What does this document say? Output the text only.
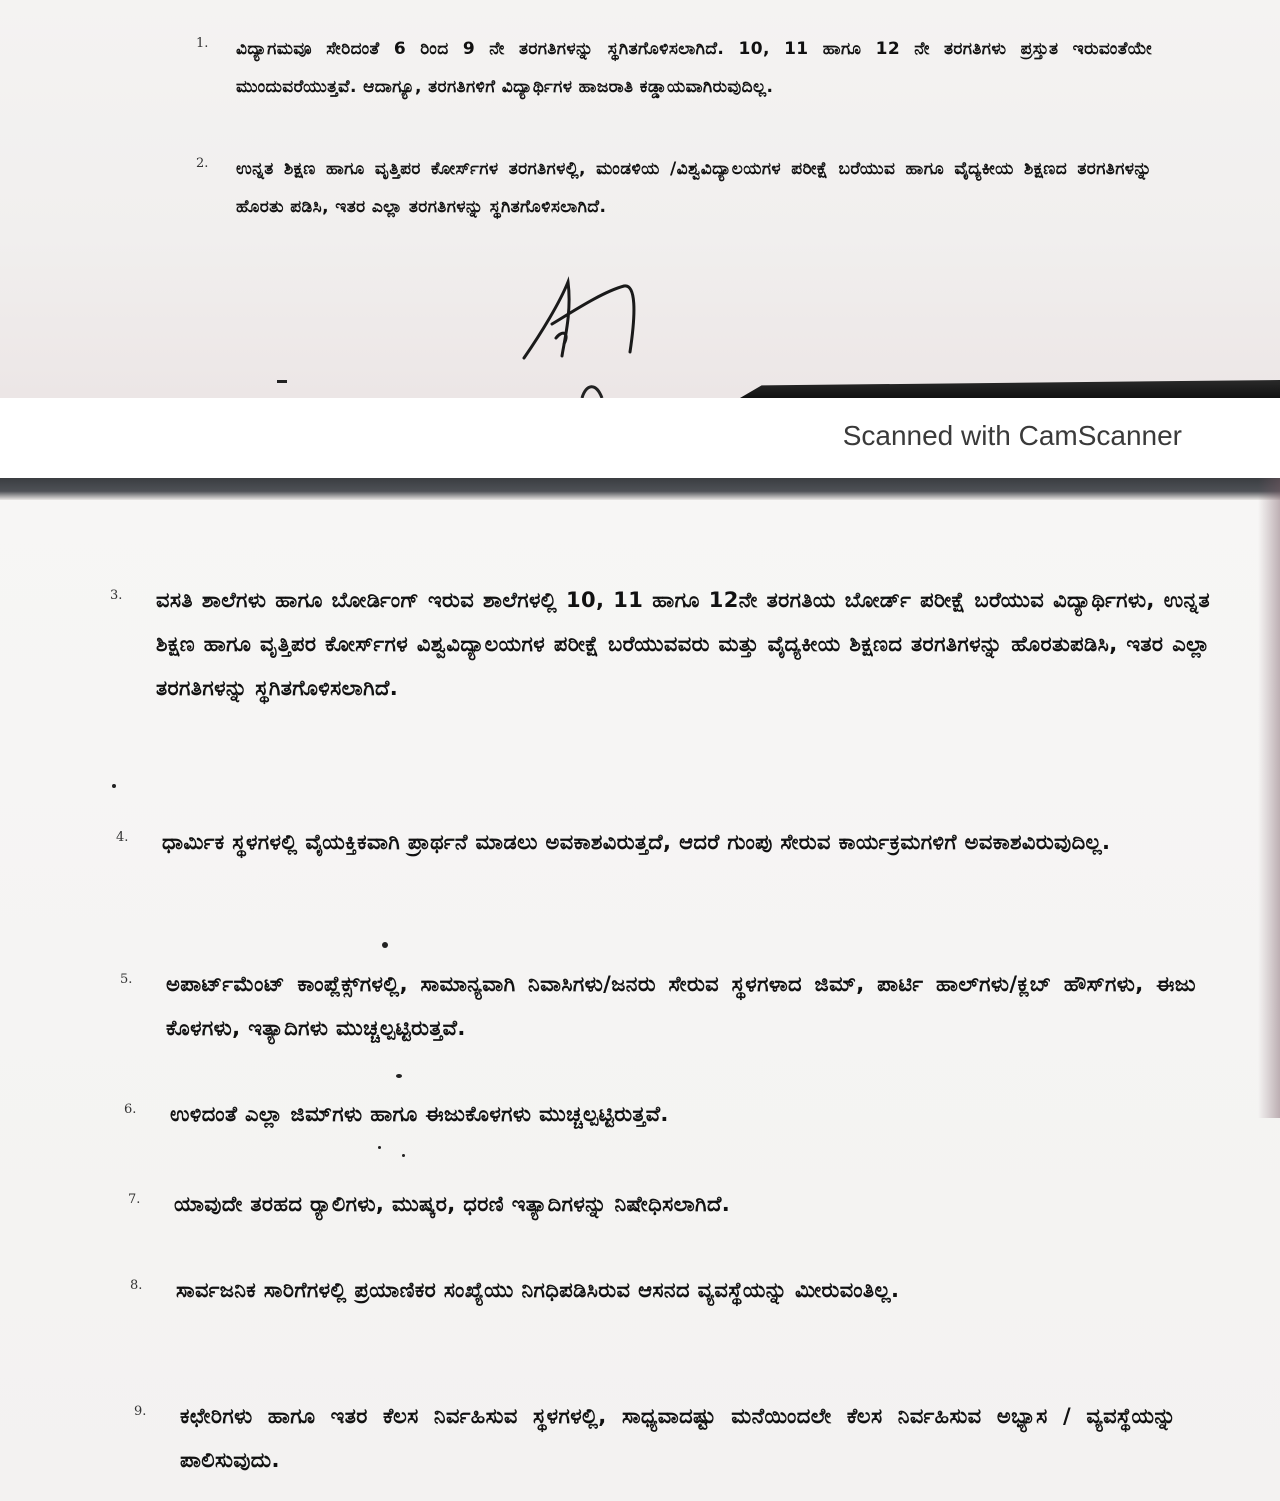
1.	ವಿದ್ಯಾಗಮವೂ ಸೇರಿದಂತೆ 6 ರಿಂದ 9 ನೇ ತರಗತಿಗಳನ್ನು ಸ್ಥಗಿತಗೊಳಿಸಲಾಗಿದೆ. 10, 11 ಹಾಗೂ 12 ನೇ ತರಗತಿಗಳು ಪ್ರಸ್ತುತ ಇರುವಂತೆಯೇ ಮುಂದುವರೆಯುತ್ತವೆ. ಆದಾಗ್ಯೂ, ತರಗತಿಗಳಿಗೆ ವಿದ್ಯಾರ್ಥಿಗಳ ಹಾಜರಾತಿ ಕಡ್ಡಾಯವಾಗಿರುವುದಿಲ್ಲ.
2.	ಉನ್ನತ ಶಿಕ್ಷಣ ಹಾಗೂ ವೃತ್ತಿಪರ ಕೋರ್ಸ್‌ಗಳ ತರಗತಿಗಳಲ್ಲಿ, ಮಂಡಳಿಯ /ವಿಶ್ವವಿದ್ಯಾಲಯಗಳ ಪರೀಕ್ಷೆ ಬರೆಯುವ ಹಾಗೂ ವೈದ್ಯಕೀಯ ಶಿಕ್ಷಣದ ತರಗತಿಗಳನ್ನು ಹೊರತು ಪಡಿಸಿ, ಇತರ ಎಲ್ಲಾ ತರಗತಿಗಳನ್ನು ಸ್ಥಗಿತಗೊಳಿಸಲಾಗಿದೆ.
Scanned with CamScanner
3.	ವಸತಿ ಶಾಲೆಗಳು ಹಾಗೂ ಬೋರ್ಡಿಂಗ್ ಇರುವ ಶಾಲೆಗಳಲ್ಲಿ 10, 11 ಹಾಗೂ 12ನೇ ತರಗತಿಯ ಬೋರ್ಡ್ ಪರೀಕ್ಷೆ ಬರೆಯುವ ವಿದ್ಯಾರ್ಥಿಗಳು, ಉನ್ನತ ಶಿಕ್ಷಣ ಹಾಗೂ ವೃತ್ತಿಪರ ಕೋರ್ಸ್‌ಗಳ ವಿಶ್ವವಿದ್ಯಾಲಯಗಳ ಪರೀಕ್ಷೆ ಬರೆಯುವವರು ಮತ್ತು ವೈದ್ಯಕೀಯ ಶಿಕ್ಷಣದ ತರಗತಿಗಳನ್ನು ಹೊರತುಪಡಿಸಿ, ಇತರ ಎಲ್ಲಾ ತರಗತಿಗಳನ್ನು ಸ್ಥಗಿತಗೊಳಿಸಲಾಗಿದೆ.
4.	ಧಾರ್ಮಿಕ ಸ್ಥಳಗಳಲ್ಲಿ ವೈಯಕ್ತಿಕವಾಗಿ ಪ್ರಾರ್ಥನೆ ಮಾಡಲು ಅವಕಾಶವಿರುತ್ತದೆ, ಆದರೆ ಗುಂಪು ಸೇರುವ ಕಾರ್ಯಕ್ರಮಗಳಿಗೆ ಅವಕಾಶವಿರುವುದಿಲ್ಲ.
5.	ಅಪಾರ್ಟ್‌ಮೆಂಟ್ ಕಾಂಪ್ಲೆಕ್ಸ್‌ಗಳಲ್ಲಿ, ಸಾಮಾನ್ಯವಾಗಿ ನಿವಾಸಿಗಳು/ಜನರು ಸೇರುವ ಸ್ಥಳಗಳಾದ ಜಿಮ್, ಪಾರ್ಟಿ ಹಾಲ್‌ಗಳು/ಕ್ಲಬ್ ಹೌಸ್‌ಗಳು, ಈಜು ಕೊಳಗಳು, ಇತ್ಯಾದಿಗಳು ಮುಚ್ಚಲ್ಪಟ್ಟಿರುತ್ತವೆ.
6.	ಉಳಿದಂತೆ ಎಲ್ಲಾ ಜಿಮ್‌ಗಳು ಹಾಗೂ ಈಜುಕೊಳಗಳು ಮುಚ್ಚಲ್ಪಟ್ಟಿರುತ್ತವೆ.
7.	ಯಾವುದೇ ತರಹದ ರ‍್ಯಾಲಿಗಳು, ಮುಷ್ಕರ, ಧರಣಿ ಇತ್ಯಾದಿಗಳನ್ನು ನಿಷೇಧಿಸಲಾಗಿದೆ.
8.	ಸಾರ್ವಜನಿಕ ಸಾರಿಗೆಗಳಲ್ಲಿ ಪ್ರಯಾಣಿಕರ ಸಂಖ್ಯೆಯು ನಿಗಧಿಪಡಿಸಿರುವ ಆಸನದ ವ್ಯವಸ್ಥೆಯನ್ನು ಮೀರುವಂತಿಲ್ಲ.
9.	ಕಛೇರಿಗಳು ಹಾಗೂ ಇತರ ಕೆಲಸ ನಿರ್ವಹಿಸುವ ಸ್ಥಳಗಳಲ್ಲಿ, ಸಾಧ್ಯವಾದಷ್ಟು ಮನೆಯಿಂದಲೇ ಕೆಲಸ ನಿರ್ವಹಿಸುವ ಅಭ್ಯಾಸ / ವ್ಯವಸ್ಥೆಯನ್ನು ಪಾಲಿಸುವುದು.
